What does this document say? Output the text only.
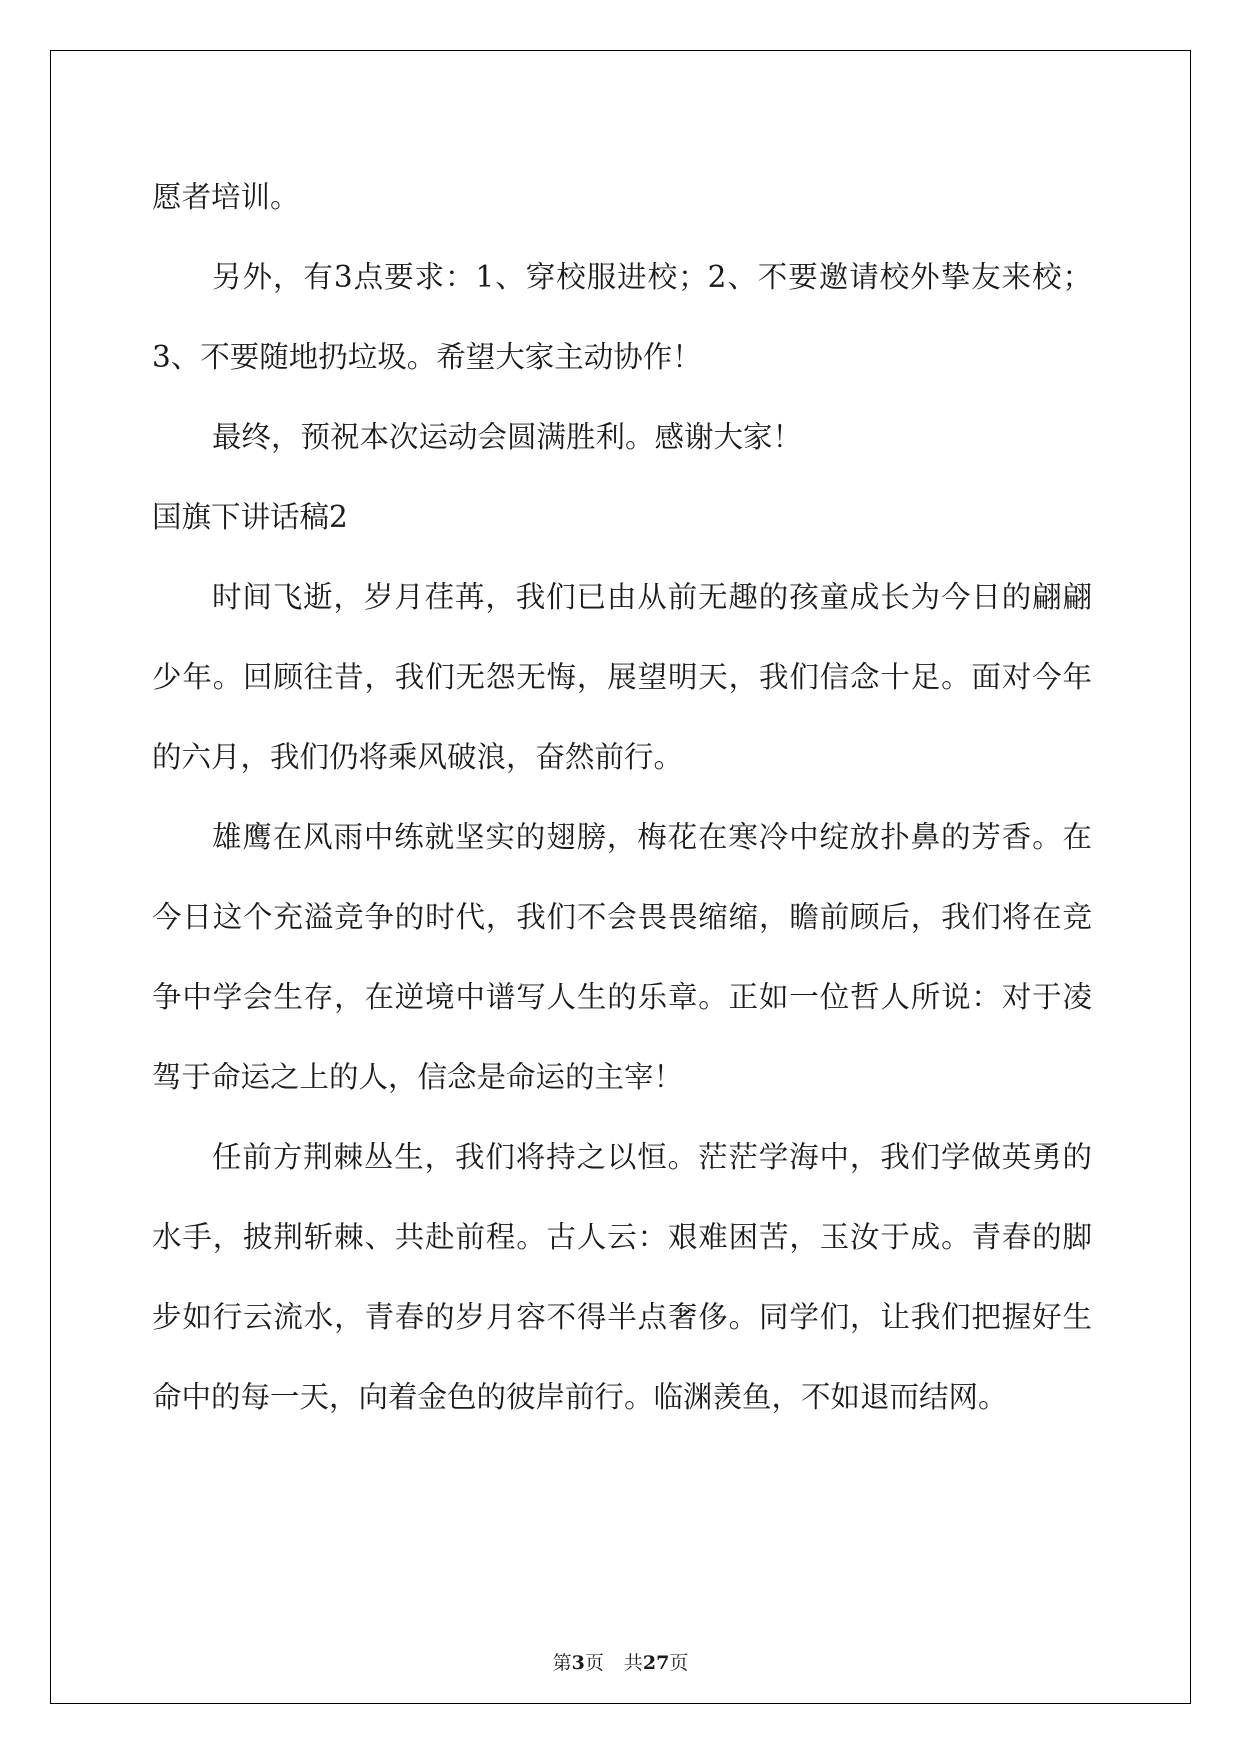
愿者培训。

另外，有3点要求：1、穿校服进校；2、不要邀请校外挚友来校；3、不要随地扔垃圾。希望大家主动协作！

最终，预祝本次运动会圆满胜利。感谢大家！

国旗下讲话稿2

时间飞逝，岁月荏苒，我们已由从前无趣的孩童成长为今日的翩翩少年。回顾往昔，我们无怨无悔，展望明天，我们信念十足。面对今年的六月，我们仍将乘风破浪，奋然前行。

雄鹰在风雨中练就坚实的翅膀，梅花在寒冷中绽放扑鼻的芳香。在今日这个充溢竞争的时代，我们不会畏畏缩缩，瞻前顾后，我们将在竞争中学会生存，在逆境中谱写人生的乐章。正如一位哲人所说：对于凌驾于命运之上的人，信念是命运的主宰！

任前方荆棘丛生，我们将持之以恒。茫茫学海中，我们学做英勇的水手，披荆斩棘、共赴前程。古人云：艰难困苦，玉汝于成。青春的脚步如行云流水，青春的岁月容不得半点奢侈。同学们，让我们把握好生命中的每一天，向着金色的彼岸前行。临渊羡鱼，不如退而结网。

第3页 共27页
